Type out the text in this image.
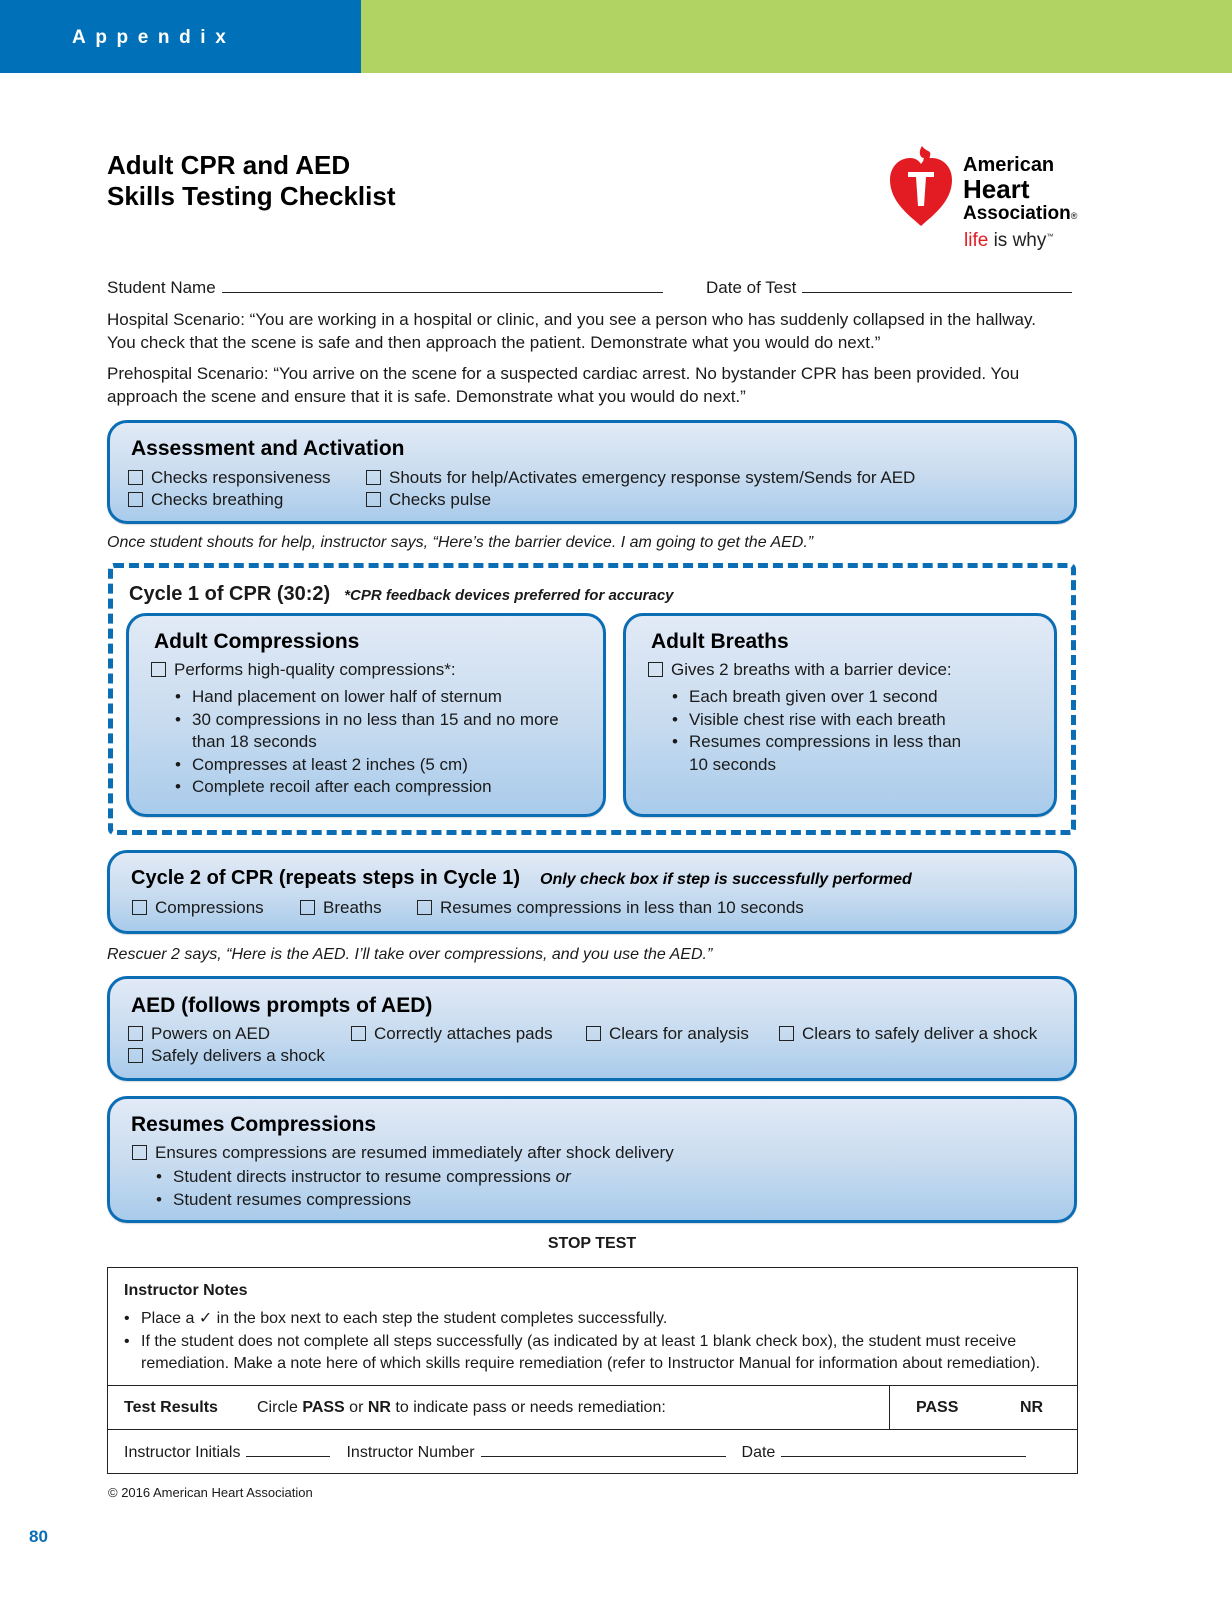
Appendix
Adult CPR and AED
Skills Testing Checklist
American
Heart
Association®
life is why™
Student Name	Date of Test
Hospital Scenario: “You are working in a hospital or clinic, and you see a person who has suddenly collapsed in the hallway. You check that the scene is safe and then approach the patient. Demonstrate what you would do next.”
Prehospital Scenario: “You arrive on the scene for a suspected cardiac arrest. No bystander CPR has been provided. You approach the scene and ensure that it is safe. Demonstrate what you would do next.”
Assessment and Activation
Checks responsiveness	Shouts for help/Activates emergency response system/Sends for AED
Checks breathing	Checks pulse
Once student shouts for help, instructor says, “Here’s the barrier device. I am going to get the AED.”
Cycle 1 of CPR (30:2) *CPR feedback devices preferred for accuracy
Adult Compressions
Performs high-quality compressions*:
• Hand placement on lower half of sternum
• 30 compressions in no less than 15 and no more than 18 seconds
• Compresses at least 2 inches (5 cm)
• Complete recoil after each compression
Adult Breaths
Gives 2 breaths with a barrier device:
• Each breath given over 1 second
• Visible chest rise with each breath
• Resumes compressions in less than 10 seconds
Cycle 2 of CPR (repeats steps in Cycle 1) Only check box if step is successfully performed
Compressions	Breaths	Resumes compressions in less than 10 seconds
Rescuer 2 says, “Here is the AED. I’ll take over compressions, and you use the AED.”
AED (follows prompts of AED)
Powers on AED	Correctly attaches pads	Clears for analysis	Clears to safely deliver a shock
Safely delivers a shock
Resumes Compressions
Ensures compressions are resumed immediately after shock delivery
• Student directs instructor to resume compressions or
• Student resumes compressions
STOP TEST
Instructor Notes
• Place a ✓ in the box next to each step the student completes successfully.
• If the student does not complete all steps successfully (as indicated by at least 1 blank check box), the student must receive remediation. Make a note here of which skills require remediation (refer to Instructor Manual for information about remediation).
Test Results Circle PASS or NR to indicate pass or needs remediation:	PASS	NR
Instructor Initials	Instructor Number	Date
© 2016 American Heart Association
80
